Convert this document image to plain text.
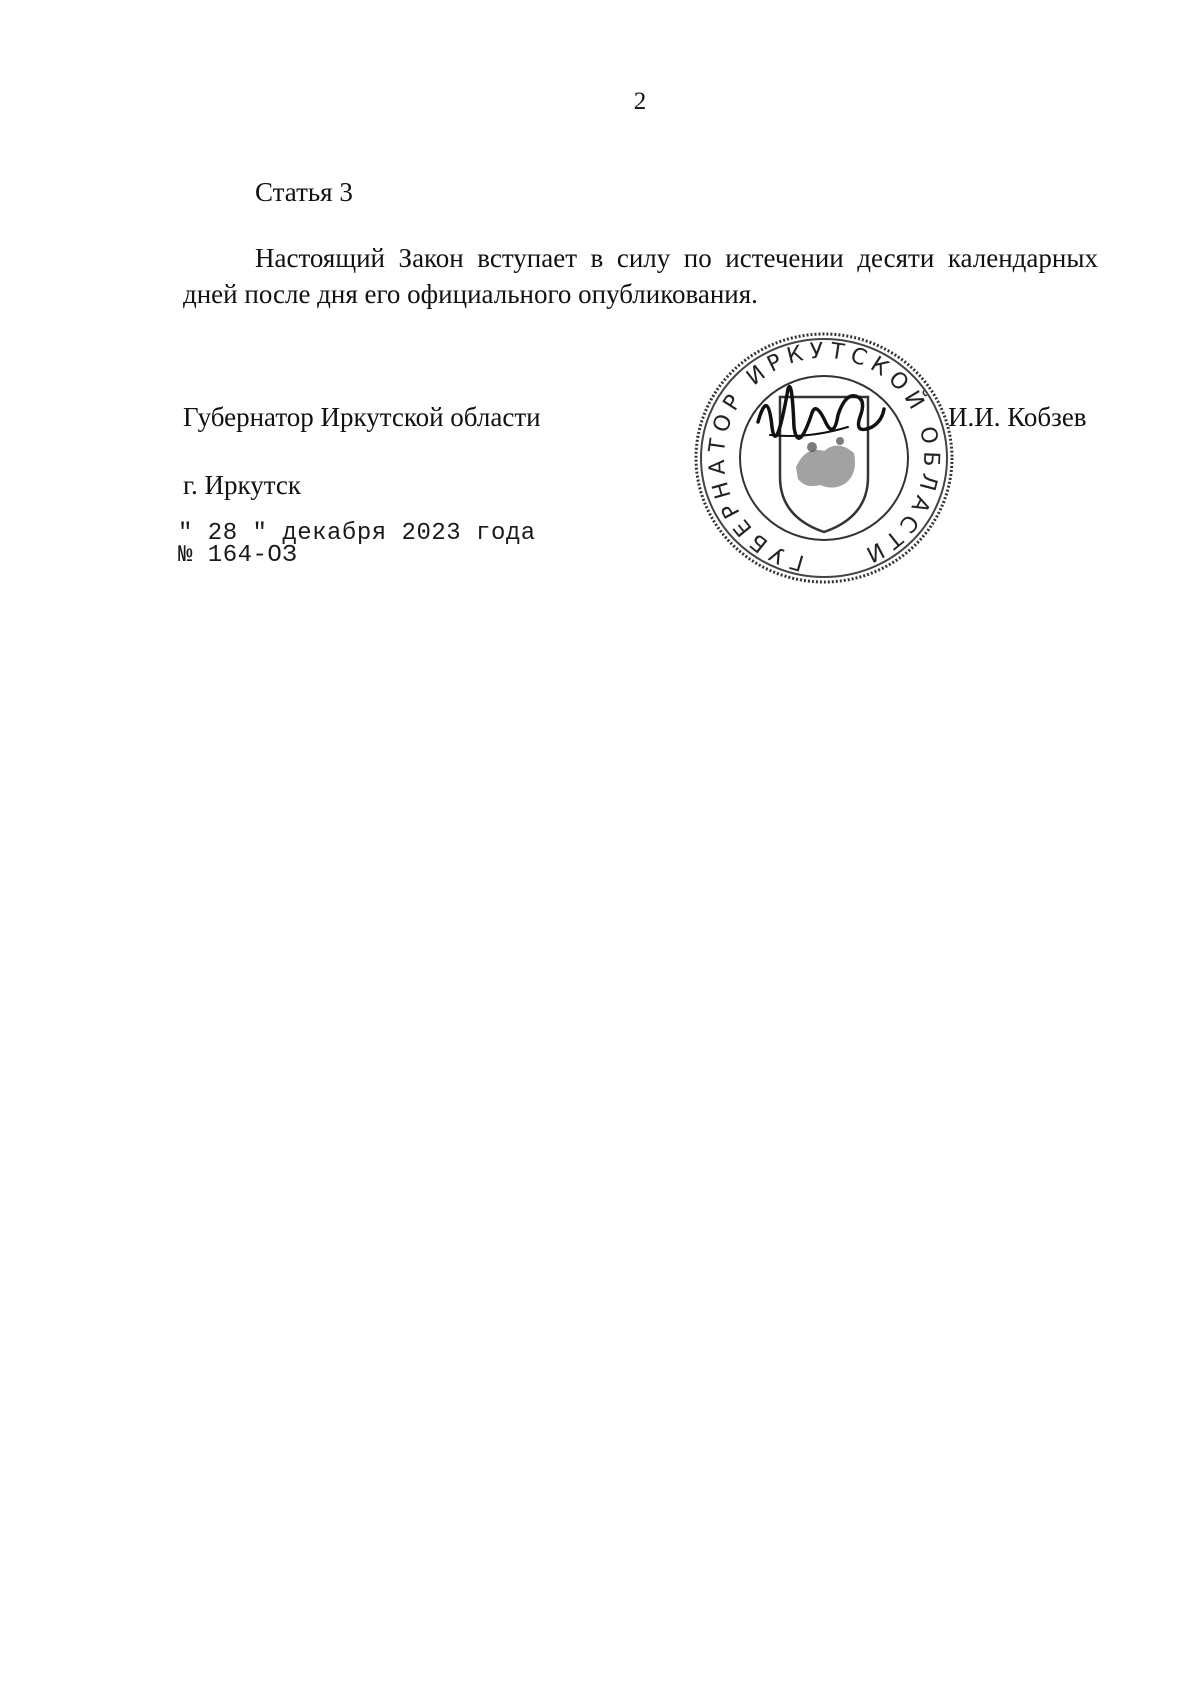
2
Статья 3
Настоящий Закон вступает в силу по истечении десяти календарных дней после дня его официального опубликования.
Губернатор Иркутской области	И.И. Кобзев
г. Иркутск
" 28 " декабря 2023 года
№ 164-ОЗ	ГУБЕРНАТОР ИРКУТСКОЙ ОБЛАСТИ
